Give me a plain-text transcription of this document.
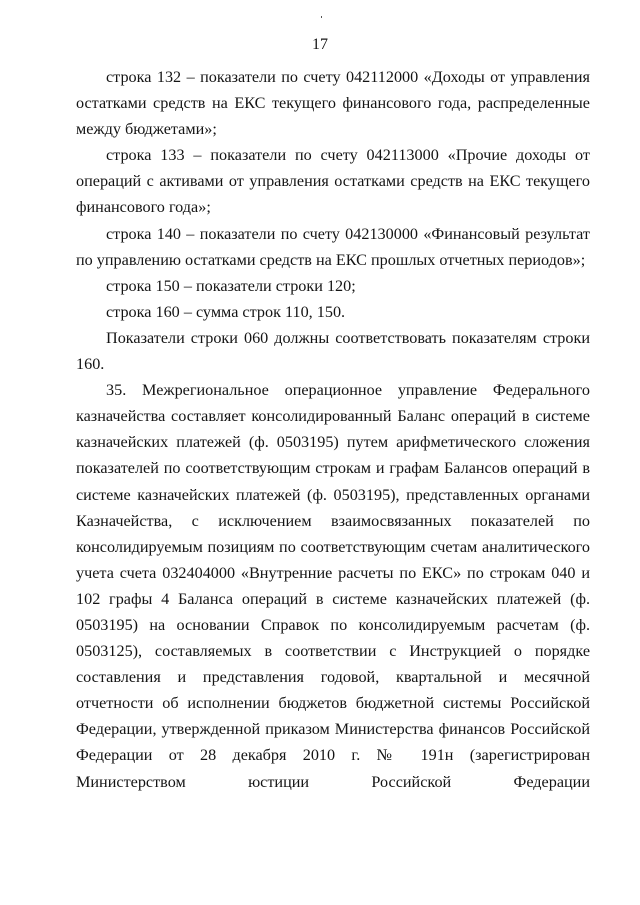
17

строка 132 – показатели по счету 042112000 «Доходы от управления остатками средств на ЕКС текущего финансового года, распределенные между бюджетами»;

строка 133 – показатели по счету 042113000 «Прочие доходы от операций с активами от управления остатками средств на ЕКС текущего финансового года»;

строка 140 – показатели по счету 042130000 «Финансовый результат по управлению остатками средств на ЕКС прошлых отчетных периодов»;

строка 150 – показатели строки 120;

строка 160 – сумма строк 110, 150.

Показатели строки 060 должны соответствовать показателям строки 160.

35. Межрегиональное операционное управление Федерального казначейства составляет консолидированный Баланс операций в системе казначейских платежей (ф. 0503195) путем арифметического сложения показателей по соответствующим строкам и графам Балансов операций в системе казначейских платежей (ф. 0503195), представленных органами Казначейства, с исключением взаимосвязанных показателей по консолидируемым позициям по соответствующим счетам аналитического учета счета 032404000 «Внутренние расчеты по ЕКС» по строкам 040 и 102 графы 4 Баланса операций в системе казначейских платежей (ф. 0503195) на основании Справок по консолидируемым расчетам (ф. 0503125), составляемых в соответствии с Инструкцией о порядке составления и представления годовой, квартальной и месячной отчетности об исполнении бюджетов бюджетной системы Российской Федерации, утвержденной приказом Министерства финансов Российской Федерации от 28 декабря 2010 г. № 191н (зарегистрирован Министерством юстиции Российской Федерации
